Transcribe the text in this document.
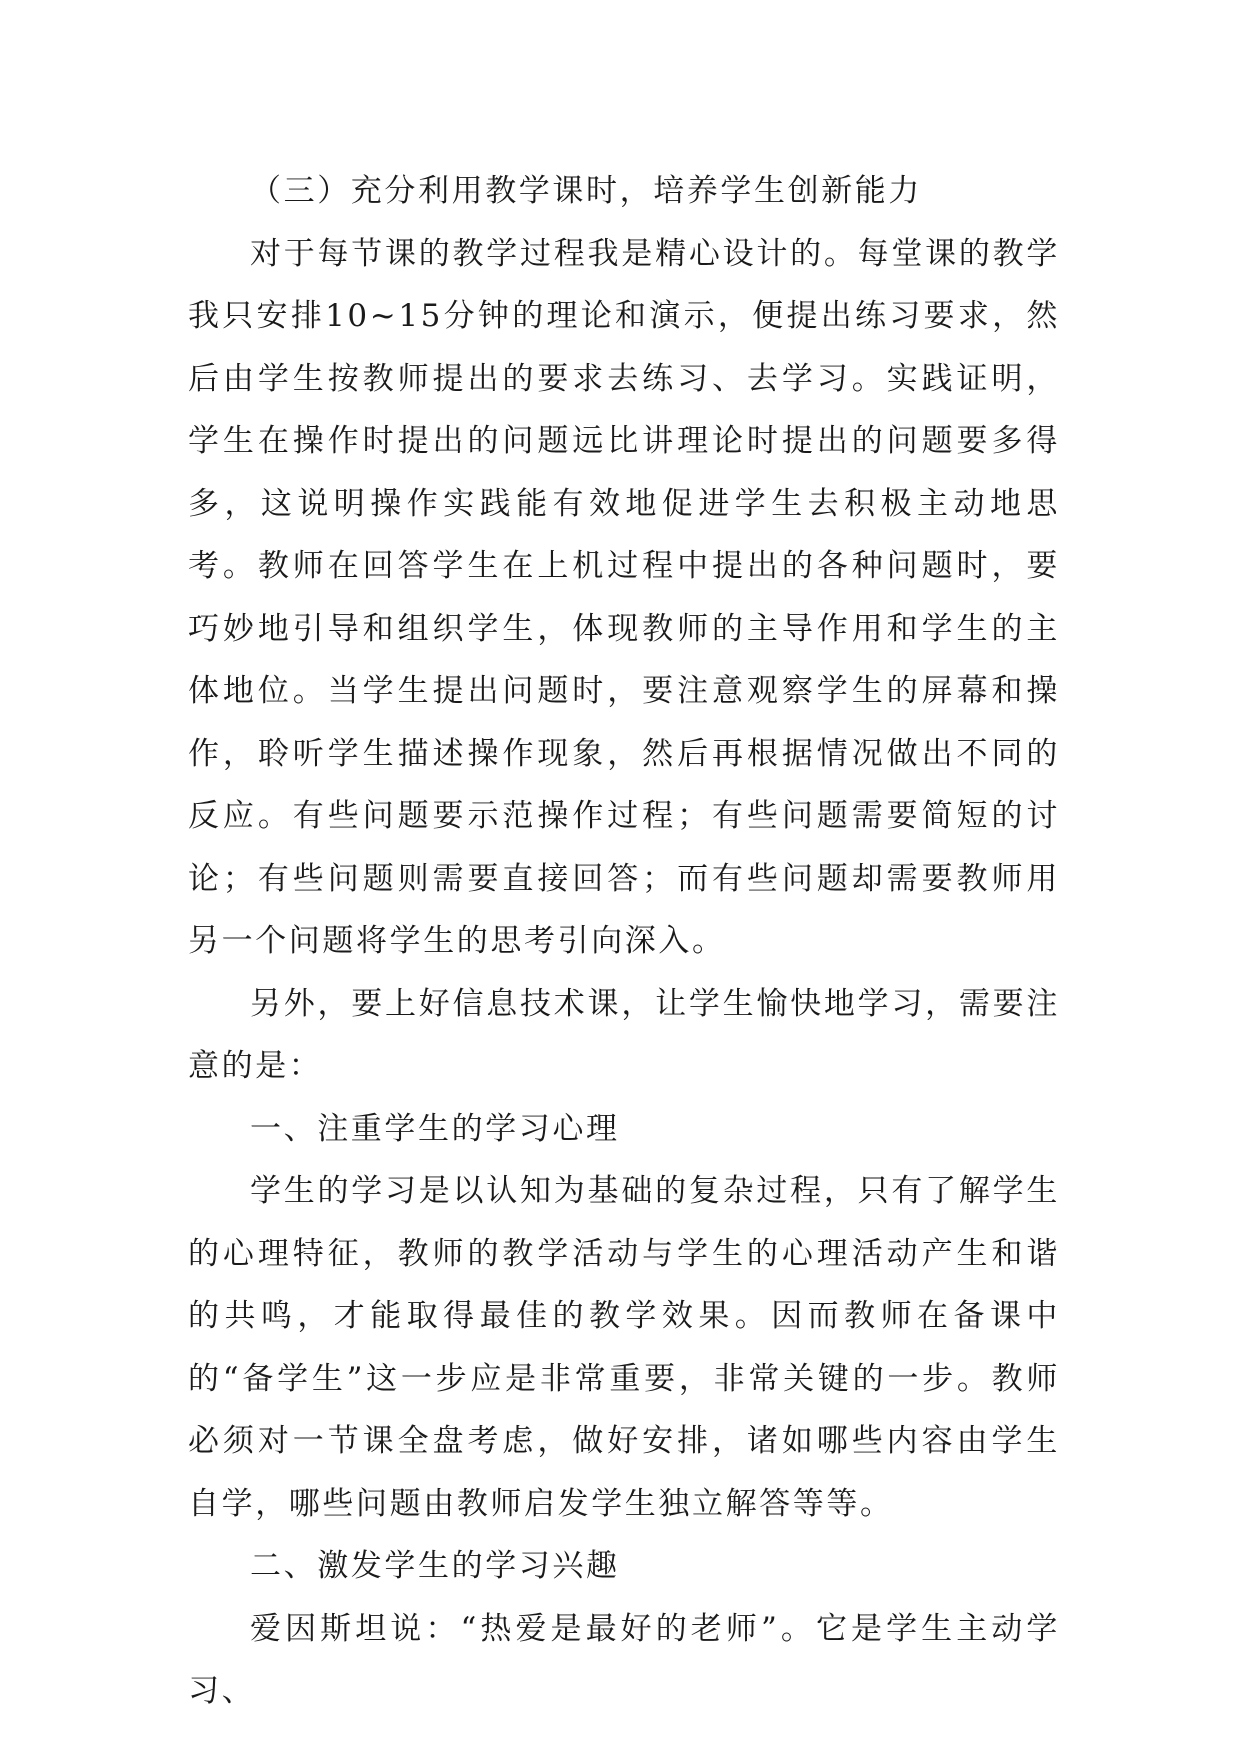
（三）充分利用教学课时，培养学生创新能力

对于每节课的教学过程我是精心设计的。每堂课的教学我只安排10~15分钟的理论和演示，便提出练习要求，然后由学生按教师提出的要求去练习、去学习。实践证明，学生在操作时提出的问题远比讲理论时提出的问题要多得多，这说明操作实践能有效地促进学生去积极主动地思考。教师在回答学生在上机过程中提出的各种问题时，要巧妙地引导和组织学生，体现教师的主导作用和学生的主体地位。当学生提出问题时，要注意观察学生的屏幕和操作，聆听学生描述操作现象，然后再根据情况做出不同的反应。有些问题要示范操作过程；有些问题需要简短的讨论；有些问题则需要直接回答；而有些问题却需要教师用另一个问题将学生的思考引向深入。

另外，要上好信息技术课，让学生愉快地学习，需要注意的是：

一、注重学生的学习心理

学生的学习是以认知为基础的复杂过程，只有了解学生的心理特征，教师的教学活动与学生的心理活动产生和谐的共鸣，才能取得最佳的教学效果。因而教师在备课中的“备学生”这一步应是非常重要，非常关键的一步。教师必须对一节课全盘考虑，做好安排，诸如哪些内容由学生自学，哪些问题由教师启发学生独立解答等等。

二、激发学生的学习兴趣

爱因斯坦说：“热爱是最好的老师”。它是学生主动学习、
